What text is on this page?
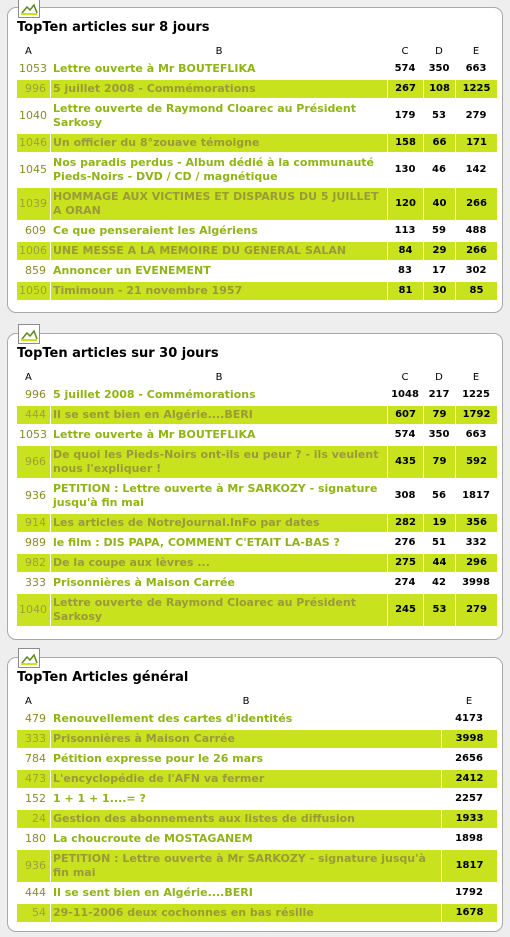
TopTen articles sur 8 jours
A	B	C	D	E
1053	Lettre ouverte à Mr BOUTEFLIKA	574	350	663
996	5 juillet 2008 - Commémorations	267	108	1225
1040	Lettre ouverte de Raymond Cloarec au Président Sarkosy	179	53	279
1046	Un officier du 8°zouave témoigne	158	66	171
1045	Nos paradis perdus - Album dédié à la communauté Pieds-Noirs - DVD / CD / magnétique	130	46	142
1039	HOMMAGE AUX VICTIMES ET DISPARUS DU 5 JUILLET A ORAN	120	40	266
609	Ce que penseraient les Algériens	113	59	488
1006	UNE MESSE A LA MEMOIRE DU GENERAL SALAN	84	29	266
859	Annoncer un EVENEMENT	83	17	302
1050	Timimoun - 21 novembre 1957	81	30	85
TopTen articles sur 30 jours
A	B	C	D	E
996	5 juillet 2008 - Commémorations	1048	217	1225
444	Il se sent bien en Algérie....BERI	607	79	1792
1053	Lettre ouverte à Mr BOUTEFLIKA	574	350	663
966	De quoi les Pieds-Noirs ont-ils eu peur ? - ils veulent nous l'expliquer !	435	79	592
936	PETITION : Lettre ouverte à Mr SARKOZY - signature jusqu'à fin mai	308	56	1817
914	Les articles de NotreJournal.InFo par dates	282	19	356
989	le film : DIS PAPA, COMMENT C'ETAIT LA-BAS ?	276	51	332
982	De la coupe aux lèvres ...	275	44	296
333	Prisonnières à Maison Carrée	274	42	3998
1040	Lettre ouverte de Raymond Cloarec au Président Sarkosy	245	53	279
TopTen Articles général
A	B	E
479	Renouvellement des cartes d'identités	4173
333	Prisonnières à Maison Carrée	3998
784	Pétition expresse pour le 26 mars	2656
473	L'encyclopédie de l'AFN va fermer	2412
152	1 + 1 + 1....= ?	2257
24	Gestion des abonnements aux listes de diffusion	1933
180	La choucroute de MOSTAGANEM	1898
936	PETITION : Lettre ouverte à Mr SARKOZY - signature jusqu'à fin mai	1817
444	Il se sent bien en Algérie....BERI	1792
54	29-11-2006 deux cochonnes en bas résille	1678
